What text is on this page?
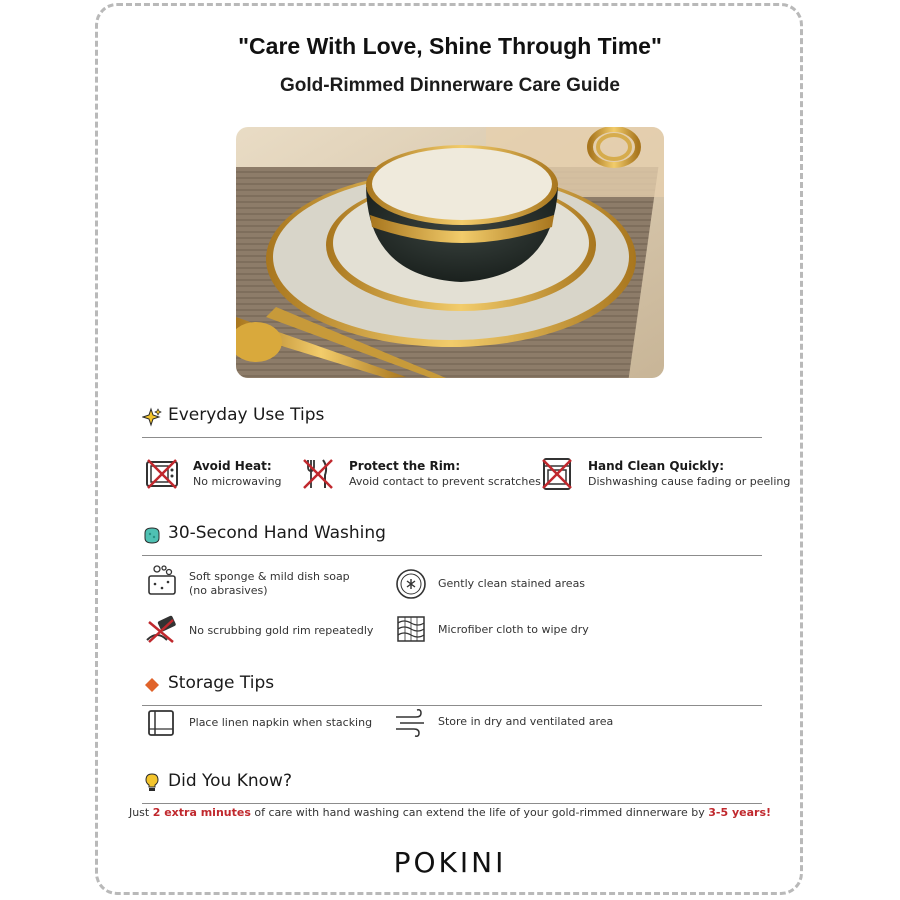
"Care With Love, Shine Through Time"
Gold-Rimmed Dinnerware Care Guide
Everyday Use Tips
Avoid Heat:
No microwaving
Protect the Rim:
Avoid contact to prevent scratches
Hand Clean Quickly:
Dishwashing cause fading or peeling
30-Second Hand Washing
Soft sponge & mild dish soap
(no abrasives)
Gently clean stained areas
No scrubbing gold rim repeatedly	Microfiber cloth to wipe dry
Storage Tips
Place linen napkin when stacking	Store in dry and ventilated area
Did You Know?
Just 2 extra minutes of care with hand washing can extend the life of your gold-rimmed dinnerware by 3-5 years!
POKINI
